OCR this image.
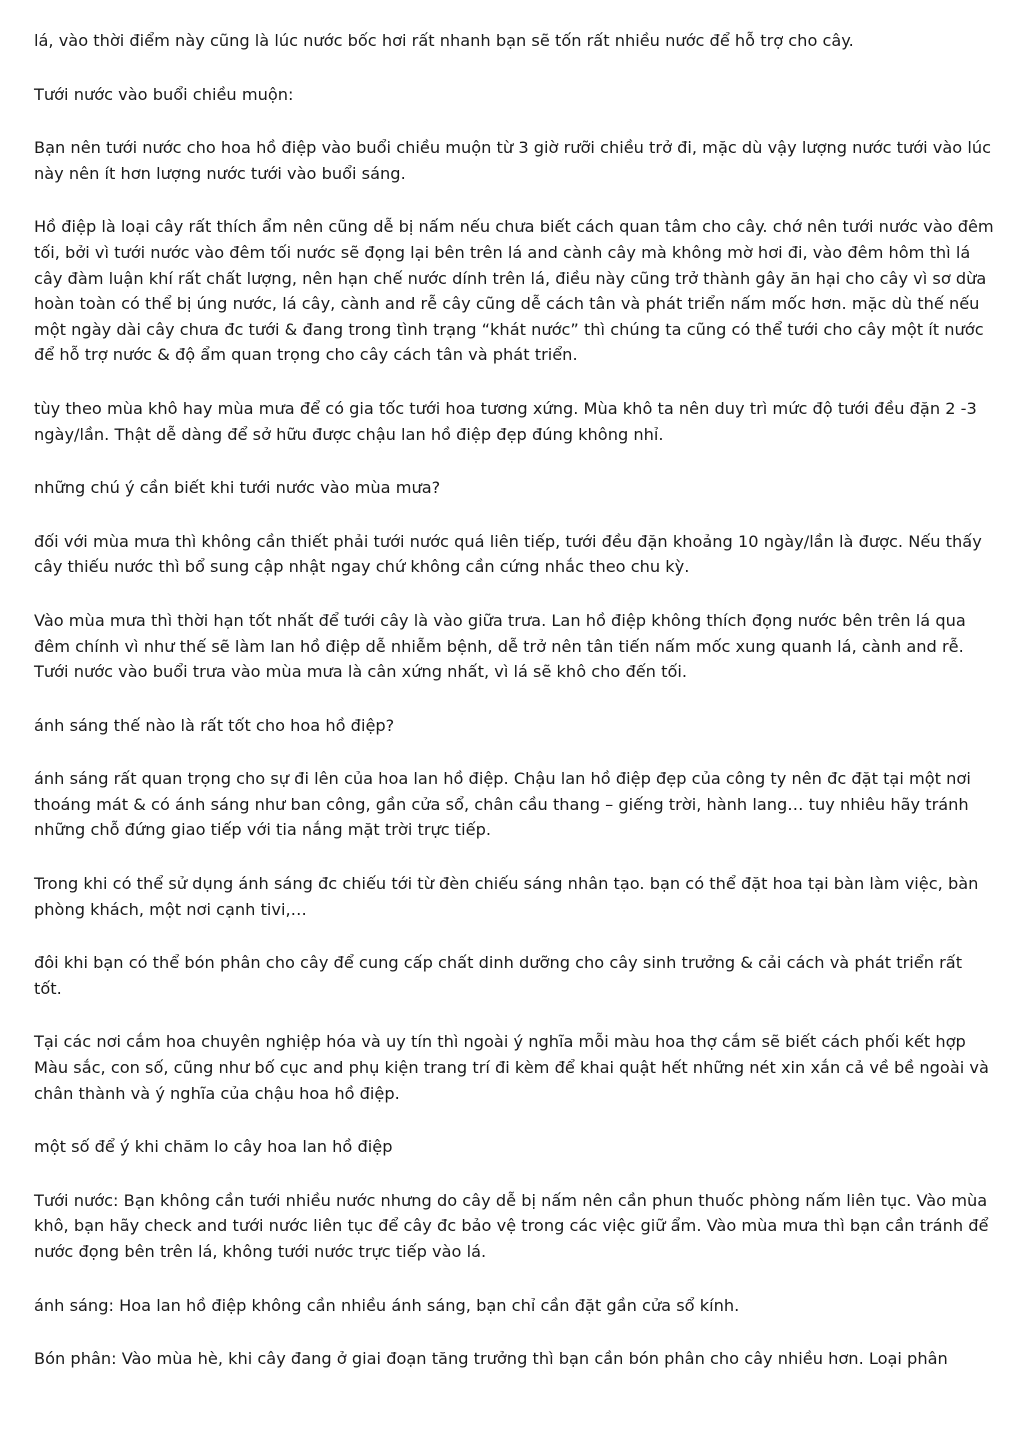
lá, vào thời điểm này cũng là lúc nước bốc hơi rất nhanh bạn sẽ tốn rất nhiều nước để hỗ trợ cho cây.

Tưới nước vào buổi chiều muộn:

Bạn nên tưới nước cho hoa hồ điệp vào buổi chiều muộn từ 3 giờ rưỡi chiều trở đi, mặc dù vậy lượng nước tưới vào lúc này nên ít hơn lượng nước tưới vào buổi sáng.

Hồ điệp là loại cây rất thích ẩm nên cũng dễ bị nấm nếu chưa biết cách quan tâm cho cây. chớ nên tưới nước vào đêm tối, bởi vì tưới nước vào đêm tối nước sẽ đọng lại bên trên lá and cành cây mà không mờ hơi đi, vào đêm hôm thì lá cây đàm luận khí rất chất lượng, nên hạn chế nước dính trên lá, điều này cũng trở thành gây ăn hại cho cây vì sơ dừa hoàn toàn có thể bị úng nước, lá cây, cành and rễ cây cũng dễ cách tân và phát triển nấm mốc hơn. mặc dù thế nếu một ngày dài cây chưa đc tưới & đang trong tình trạng “khát nước” thì chúng ta cũng có thể tưới cho cây một ít nước để hỗ trợ nước & độ ẩm quan trọng cho cây cách tân và phát triển.

tùy theo mùa khô hay mùa mưa để có gia tốc tưới hoa tương xứng. Mùa khô ta nên duy trì mức độ tưới đều đặn 2 -3 ngày/lần. Thật dễ dàng để sở hữu được chậu lan hồ điệp đẹp đúng không nhỉ.

những chú ý cần biết khi tưới nước vào mùa mưa?

đối với mùa mưa thì không cần thiết phải tưới nước quá liên tiếp, tưới đều đặn khoảng 10 ngày/lần là được. Nếu thấy cây thiếu nước thì bổ sung cập nhật ngay chứ không cần cứng nhắc theo chu kỳ.

Vào mùa mưa thì thời hạn tốt nhất để tưới cây là vào giữa trưa. Lan hồ điệp không thích đọng nước bên trên lá qua đêm chính vì như thế sẽ làm lan hồ điệp dễ nhiễm bệnh, dễ trở nên tân tiến nấm mốc xung quanh lá, cành and rễ. Tưới nước vào buổi trưa vào mùa mưa là cân xứng nhất, vì lá sẽ khô cho đến tối.

ánh sáng thế nào là rất tốt cho hoa hồ điệp?

ánh sáng rất quan trọng cho sự đi lên của hoa lan hồ điệp. Chậu lan hồ điệp đẹp của công ty nên đc đặt tại một nơi thoáng mát & có ánh sáng như ban công, gần cửa sổ, chân cầu thang – giếng trời, hành lang… tuy nhiêu hãy tránh những chỗ đứng giao tiếp với tia nắng mặt trời trực tiếp.

Trong khi có thể sử dụng ánh sáng đc chiếu tới từ đèn chiếu sáng nhân tạo. bạn có thể đặt hoa tại bàn làm việc, bàn phòng khách, một nơi cạnh tivi,…

đôi khi bạn có thể bón phân cho cây để cung cấp chất dinh dưỡng cho cây sinh trưởng & cải cách và phát triển rất tốt.

Tại các nơi cắm hoa chuyên nghiệp hóa và uy tín thì ngoài ý nghĩa mỗi màu hoa thợ cắm sẽ biết cách phối kết hợp Màu sắc, con số, cũng như bố cục and phụ kiện trang trí đi kèm để khai quật hết những nét xin xắn cả về bề ngoài và chân thành và ý nghĩa của chậu hoa hồ điệp.

một số để ý khi chăm lo cây hoa lan hồ điệp

Tưới nước: Bạn không cần tưới nhiều nước nhưng do cây dễ bị nấm nên cần phun thuốc phòng nấm liên tục. Vào mùa khô, bạn hãy check and tưới nước liên tục để cây đc bảo vệ trong các việc giữ ẩm. Vào mùa mưa thì bạn cần tránh để nước đọng bên trên lá, không tưới nước trực tiếp vào lá.

ánh sáng: Hoa lan hồ điệp không cần nhiều ánh sáng, bạn chỉ cần đặt gần cửa sổ kính.

Bón phân: Vào mùa hè, khi cây đang ở giai đoạn tăng trưởng thì bạn cần bón phân cho cây nhiều hơn. Loại phân
